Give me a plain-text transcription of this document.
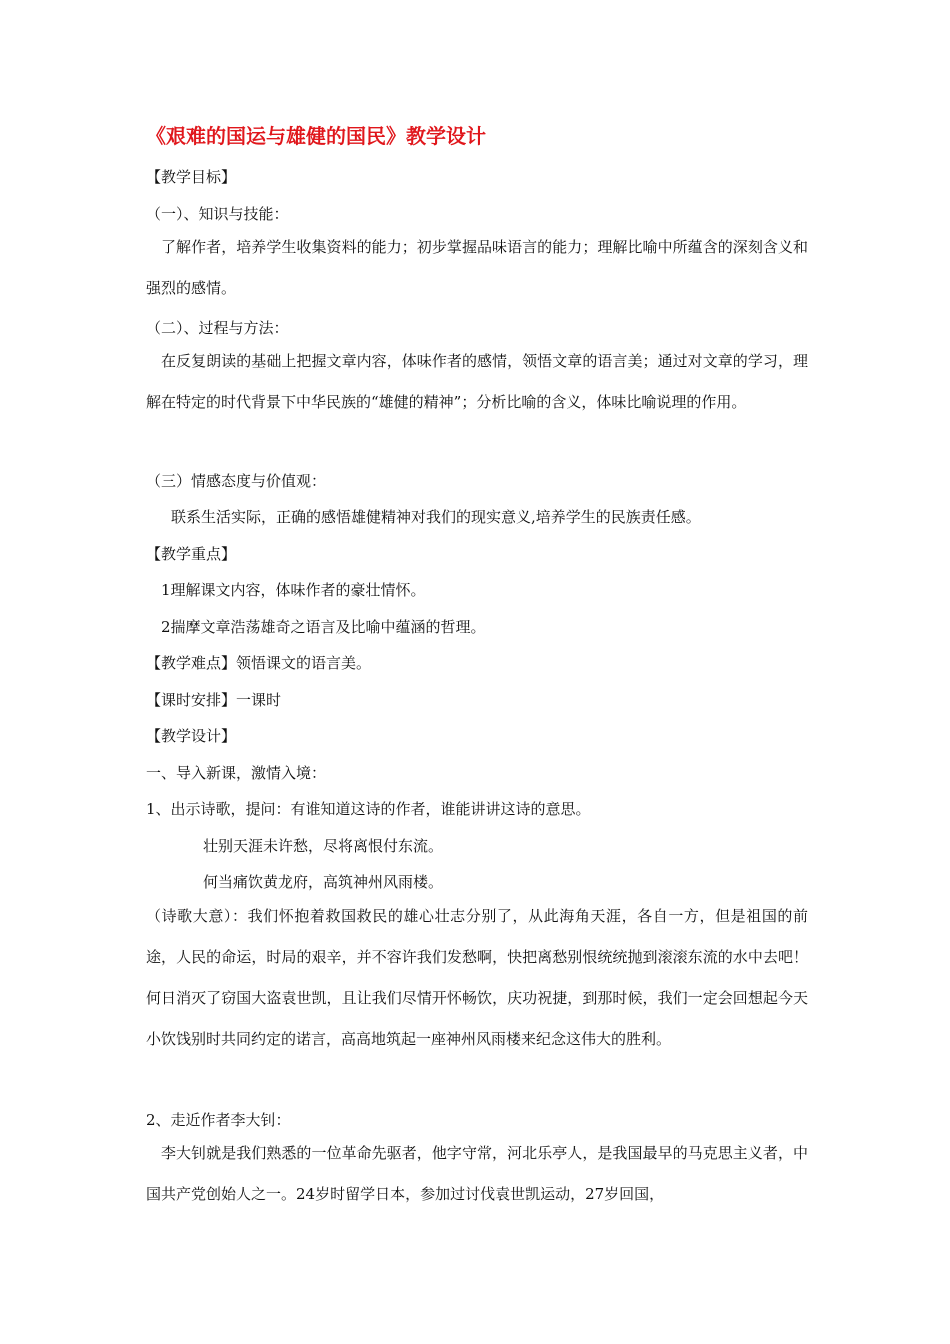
《艰难的国运与雄健的国民》教学设计
【教学目标】
（一）、知识与技能：
了解作者，培养学生收集资料的能力；初步掌握品味语言的能力；理解比喻中所蕴含的深刻含义和强烈的感情。
（二）、过程与方法：
在反复朗读的基础上把握文章内容，体味作者的感情，领悟文章的语言美；通过对文章的学习，理解在特定的时代背景下中华民族的“雄健的精神”；分析比喻的含义，体味比喻说理的作用。
（三）情感态度与价值观：
联系生活实际，正确的感悟雄健精神对我们的现实意义,培养学生的民族责任感。
【教学重点】
1理解课文内容，体味作者的豪壮情怀。
2揣摩文章浩荡雄奇之语言及比喻中蕴涵的哲理。
【教学难点】领悟课文的语言美。
【课时安排】一课时
【教学设计】
一、导入新课，激情入境：
1、出示诗歌，提问：有谁知道这诗的作者，谁能讲讲这诗的意思。
壮别天涯未许愁，尽将离恨付东流。
何当痛饮黄龙府，高筑神州风雨楼。
（诗歌大意）：我们怀抱着救国救民的雄心壮志分别了，从此海角天涯，各自一方，但是祖国的前途，人民的命运，时局的艰辛，并不容许我们发愁啊，快把离愁别恨统统抛到滚滚东流的水中去吧！何日消灭了窃国大盗袁世凯，且让我们尽情开怀畅饮，庆功祝捷，到那时候，我们一定会回想起今天小饮饯别时共同约定的诺言，高高地筑起一座神州风雨楼来纪念这伟大的胜利。
2、走近作者李大钊：
李大钊就是我们熟悉的一位革命先驱者，他字守常，河北乐亭人，是我国最早的马克思主义者，中国共产党创始人之一。24岁时留学日本，参加过讨伐袁世凯运动，27岁回国，
